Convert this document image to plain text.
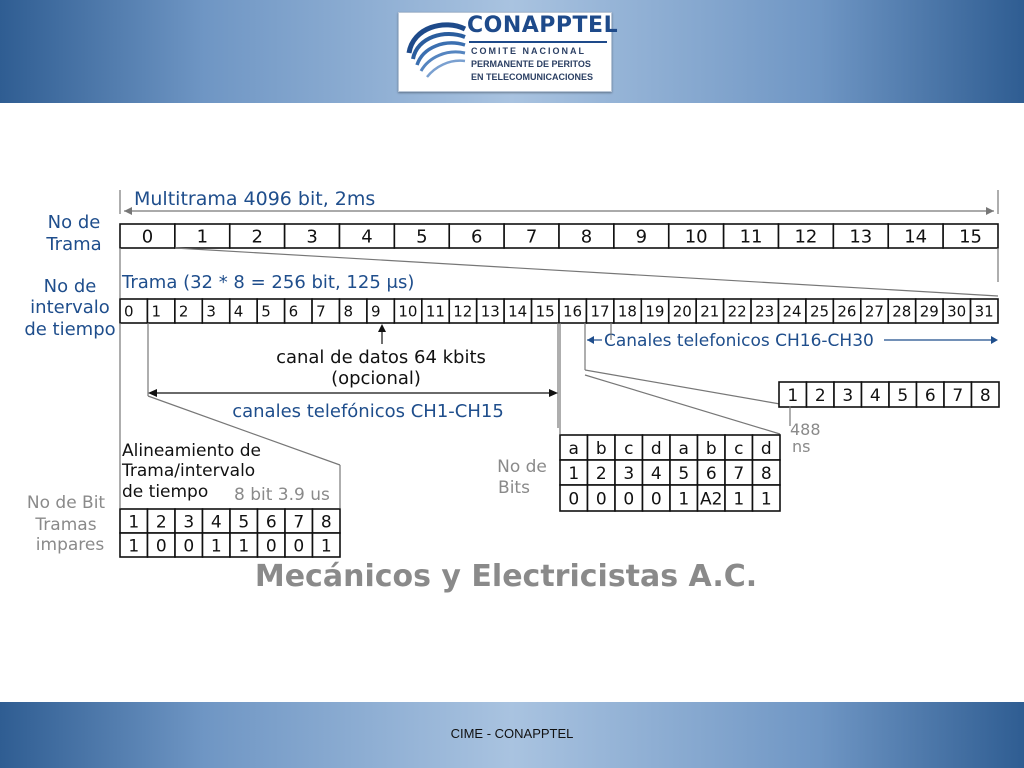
CONAPPTEL
COMITE NACIONAL
PERMANENTE DE PERITOS
EN TELECOMUNICACIONES
CIME - CONAPPTEL
Mecánicos y Electricistas A.C.
Multitrama 4096 bit, 2ms
No de
Trama 0 1 2 3 4 5 6 7 8 9 10 11 12 13 14 15
Trama (32 * 8 = 256 bit, 125 μs)
No de
intervalo
de tiempo
0 1 2 3 4 5 6 7 8 9 10 11 12 13 14 15 16 17 18 19 20 21 22 23 24 25 26 27 28 29 30 31
Canales telefonicos CH16-CH30
canal de datos 64 kbits
(opcional)
canales telefónicos CH1-CH15
1 2 3 4 5 6 7 8
488
ns
Alineamiento de
Trama/intervalo
de tiempo 8 bit 3.9 us
No de
Bits
a b c d a b c d
1 2 3 4 5 6 7 8
0 0 0 0 1 A2 1 1
No de Bit
Tramas
impares
1 2 3 4 5 6 7 8
1 0 0 1 1 0 0 1
